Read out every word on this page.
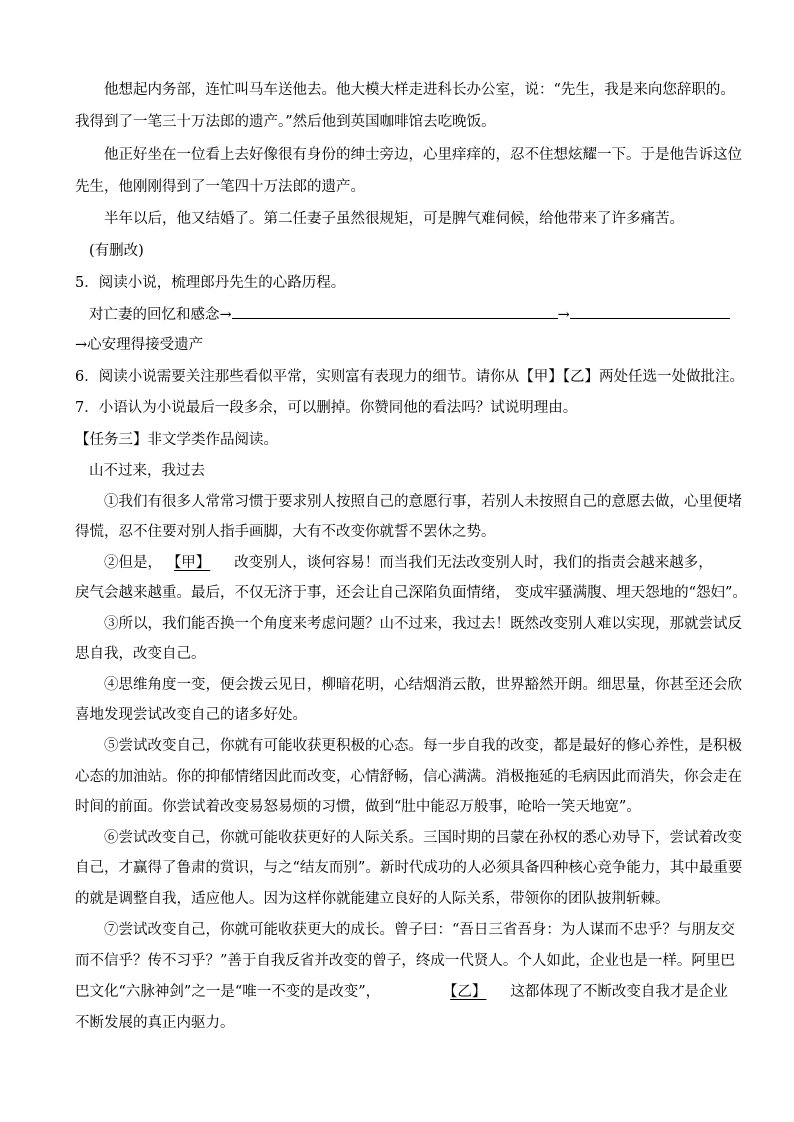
他想起内务部，连忙叫马车送他去。他大模大样走进科长办公室，说：“先生，我是来向您辞职的。
我得到了一笔三十万法郎的遗产。”然后他到英国咖啡馆去吃晚饭。
他正好坐在一位看上去好像很有身份的绅士旁边，心里痒痒的，忍不住想炫耀一下。于是他告诉这位
先生，他刚刚得到了一笔四十万法郎的遗产。
半年以后，他又结婚了。第二任妻子虽然很规矩，可是脾气难伺候，给他带来了许多痛苦。
(有删改)
5．阅读小说，梳理郎丹先生的心路历程。
对亡妻的回忆和感念→	→
→心安理得接受遗产
6．阅读小说需要关注那些看似平常，实则富有表现力的细节。请你从【甲】【乙】两处任选一处做批注。
7．小语认为小说最后一段多余，可以删掉。你赞同他的看法吗？试说明理由。
【任务三】非文学类作品阅读。
山不过来，我过去
①我们有很多人常常习惯于要求别人按照自己的意愿行事，若别人未按照自己的意愿去做，心里便堵
得慌，忍不住要对别人指手画脚，大有不改变你就誓不罢休之势。
②但是， 【甲】 改变别人，谈何容易！而当我们无法改变别人时，我们的指责会越来越多，
戾气会越来越重。最后，不仅无济于事，还会让自己深陷负面情绪， 变成牢骚满腹、埋天怨地的“怨妇”。
③所以，我们能否换一个角度来考虑问题？山不过来，我过去！既然改变别人难以实现，那就尝试反
思自我，改变自己。
④思维角度一变，便会拨云见日，柳暗花明，心结烟消云散，世界豁然开朗。细思量，你甚至还会欣
喜地发现尝试改变自己的诸多好处。
⑤尝试改变自己，你就有可能收获更积极的心态。每一步自我的改变，都是最好的修心养性，是积极
心态的加油站。你的抑郁情绪因此而改变，心情舒畅，信心满满。消极拖延的毛病因此而消失，你会走在
时间的前面。你尝试着改变易怒易烦的习惯，做到“肚中能忍万般事，呛哈一笑天地宽”。
⑥尝试改变自己，你就可能收获更好的人际关系。三国时期的吕蒙在孙权的悉心劝导下，尝试着改变
自己，才赢得了鲁肃的赏识，与之“结友而别”。新时代成功的人必须具备四种核心竞争能力，其中最重要
的就是调整自我，适应他人。因为这样你就能建立良好的人际关系，带领你的团队披荆斩棘。
⑦尝试改变自己，你就可能收获更大的成长。曾子曰：“吾日三省吾身：为人谋而不忠乎？与朋友交
而不信乎？传不习乎？”善于自我反省并改变的曾子，终成一代贤人。个人如此，企业也是一样。阿里巴
巴文化“六脉神剑”之一是“唯一不变的是改变”，	【乙】 这都体现了不断改变自我才是企业
不断发展的真正内驱力。
